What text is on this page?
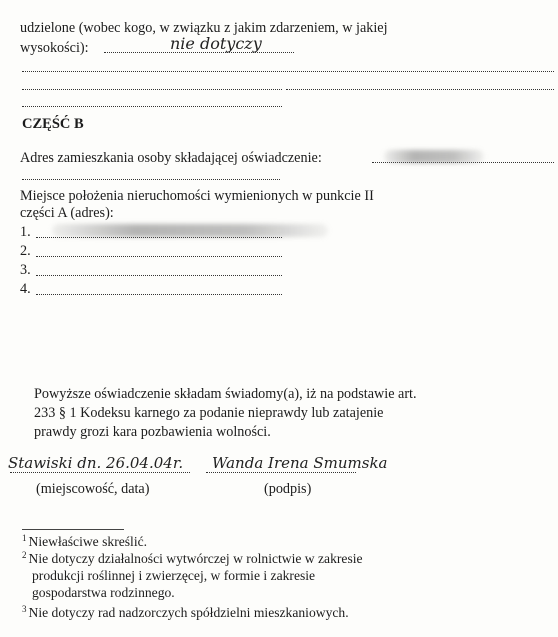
udzielone (wobec kogo, w związku z jakim zdarzeniem, w jakiej
wysokości):	nie dotyczy
CZĘŚĆ B
Adres zamieszkania osoby składającej oświadczenie:
Miejsce położenia nieruchomości wymienionych w punkcie II
części A (adres):
1.
2.
3.
4.
Powyższe oświadczenie składam świadomy(a), iż na podstawie art.
233 § 1 Kodeksu karnego za podanie nieprawdy lub zatajenie
prawdy grozi kara pozbawienia wolności.
Stawiski dn. 26.04.04r. Wanda Irena Smumska
(miejscowość, data)	(podpis)
$^1$ Niewłaściwe skreślić.
$^2$ Nie dotyczy działalności wytwórczej w rolnictwie w zakresie
produkcji roślinnej i zwierzęcej, w formie i zakresie
gospodarstwa rodzinnego.
$^3$ Nie dotyczy rad nadzorczych spółdzielni mieszkaniowych.
